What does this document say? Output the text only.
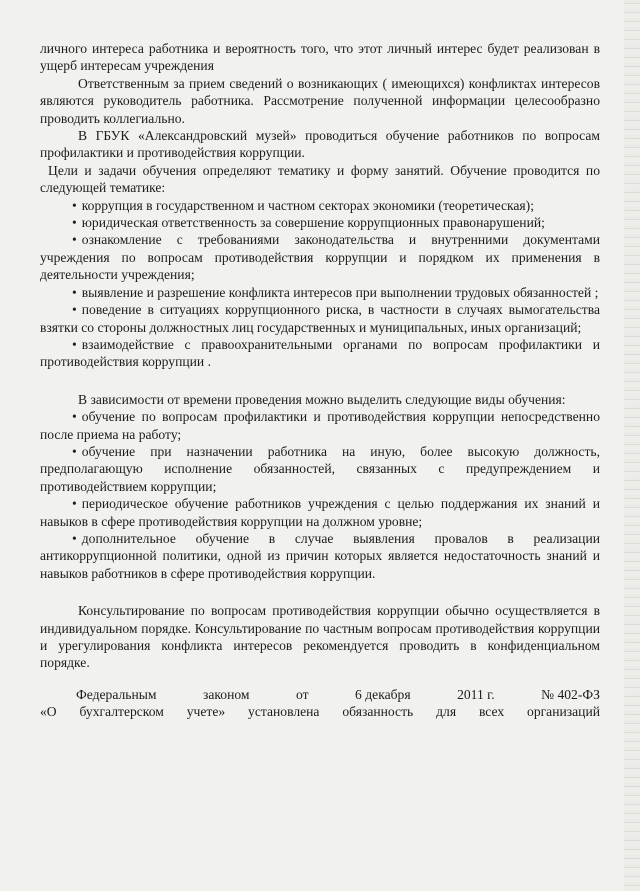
личного интереса работника и вероятность того, что этот личный интерес будет реализован в ущерб интересам учреждения

Ответственным за прием сведений о возникающих ( имеющихся) конфликтах интересов являются руководитель работника. Рассмотрение полученной информации целесообразно проводить коллегиально.

В ГБУК «Александровский музей» проводиться обучение работников по вопросам профилактики и противодействия коррупции.

Цели и задачи обучения определяют тематику и форму занятий. Обучение проводится по следующей тематике:

• коррупция в государственном и частном секторах экономики (теоретическая);

• юридическая ответственность за совершение коррупционных правонарушений;

• ознакомление с требованиями законодательства и внутренними документами учреждения по вопросам противодействия коррупции и порядком их применения в деятельности учреждения;

• выявление и разрешение конфликта интересов при выполнении трудовых обязанностей ;

• поведение в ситуациях коррупционного риска, в частности в случаях вымогательства взятки со стороны должностных лиц государственных и муниципальных, иных организаций;

• взаимодействие с правоохранительными органами по вопросам профилактики и противодействия коррупции .

В зависимости от времени проведения можно выделить следующие виды обучения:

• обучение по вопросам профилактики и противодействия коррупции непосредственно после приема на работу;

• обучение при назначении работника на иную, более высокую должность, предполагающую исполнение обязанностей, связанных с предупреждением и противодействием коррупции;

• периодическое обучение работников учреждения с целью поддержания их знаний и навыков в сфере противодействия коррупции на должном уровне;

• дополнительное обучение в случае выявления провалов в реализации антикоррупционной политики, одной из причин которых является недостаточность знаний и навыков работников в сфере противодействия коррупции.

Консультирование по вопросам противодействия коррупции обычно осуществляется в индивидуальном порядке. Консультирование по частным вопросам противодействия коррупции и урегулирования конфликта интересов рекомендуется проводить в конфиденциальном порядке.

Федеральным	законом	от	6 декабря	2011 г.	№ 402-ФЗ

«О бухгалтерском учете» установлена обязанность для всех организаций
